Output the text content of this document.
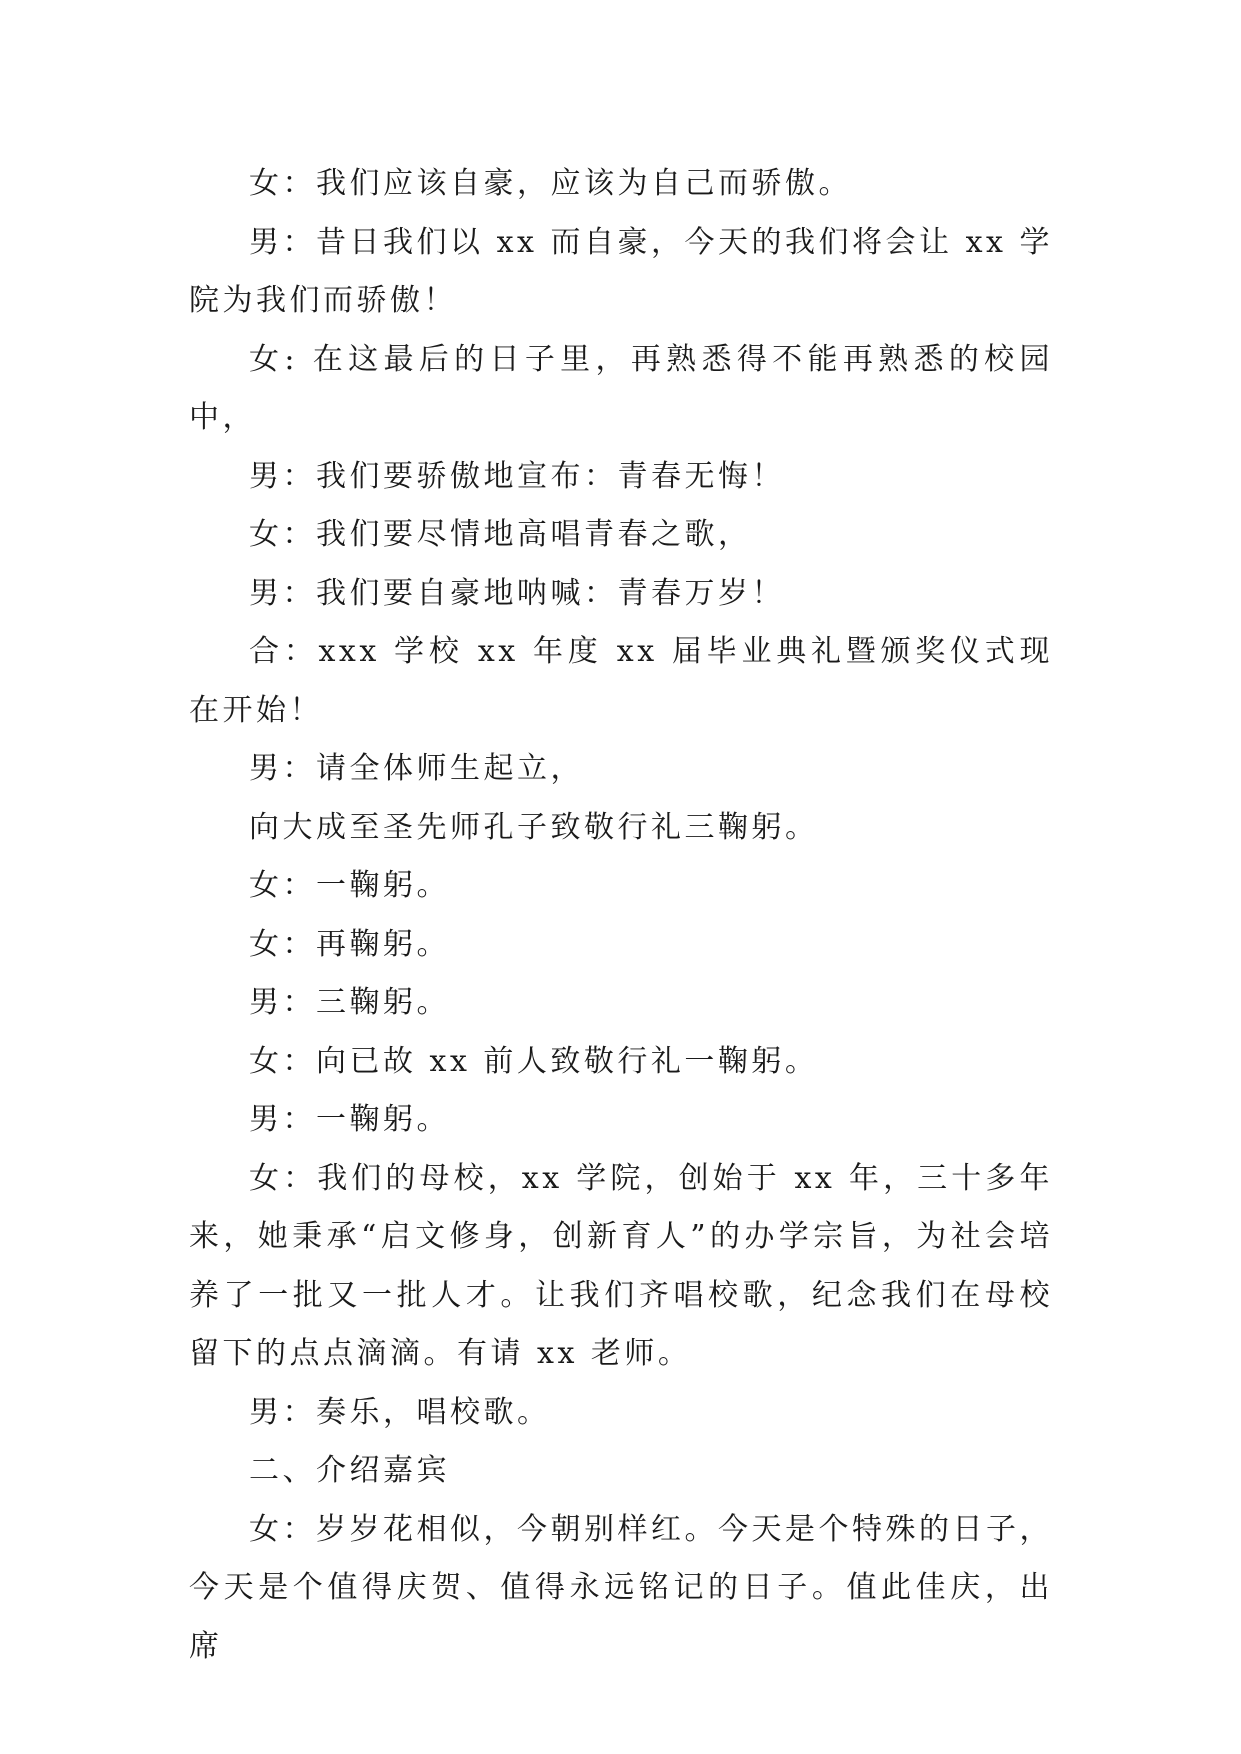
女：我们应该自豪，应该为自己而骄傲。

男：昔日我们以 xx 而自豪，今天的我们将会让 xx 学院为我们而骄傲！

女: 在这最后的日子里，再熟悉得不能再熟悉的校园中，

男：我们要骄傲地宣布：青春无悔！

女：我们要尽情地高唱青春之歌，

男：我们要自豪地呐喊：青春万岁！

合：xxx 学校 xx 年度 xx 届毕业典礼暨颁奖仪式现在开始！

男：请全体师生起立，

向大成至圣先师孔子致敬行礼三鞠躬。

女：一鞠躬。

女：再鞠躬。

男：三鞠躬。

女：向已故 xx 前人致敬行礼一鞠躬。

男：一鞠躬。

女：我们的母校，xx 学院，创始于 xx 年，三十多年来，她秉承“启文修身，创新育人”的办学宗旨，为社会培养了一批又一批人才。让我们齐唱校歌，纪念我们在母校留下的点点滴滴。有请 xx 老师。

男：奏乐，唱校歌。

二、介绍嘉宾

女：岁岁花相似，今朝别样红。今天是个特殊的日子，今天是个值得庆贺、值得永远铭记的日子。值此佳庆，出席
